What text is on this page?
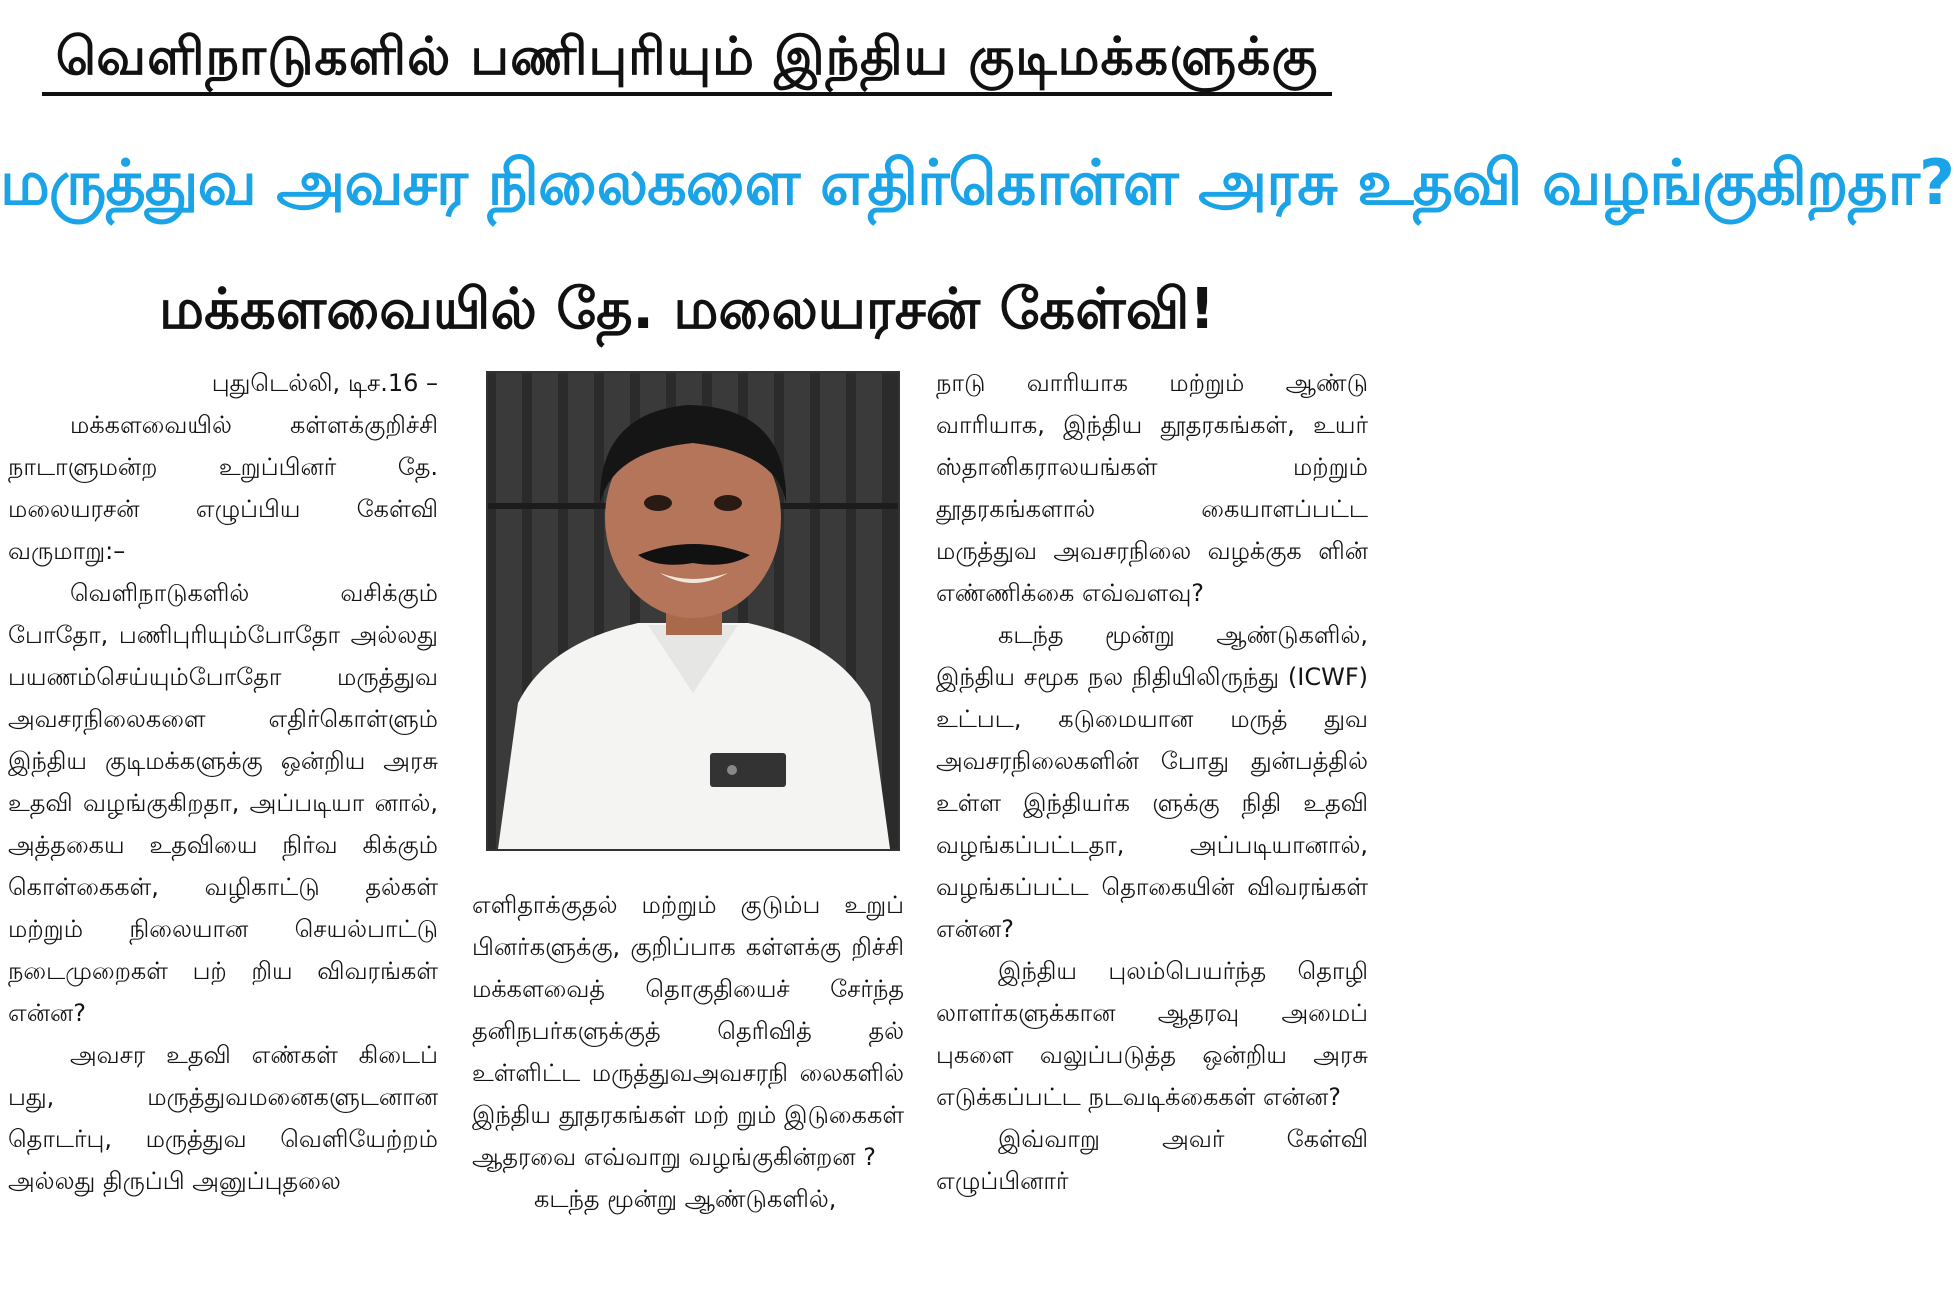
வெளிநாடுகளில் பணிபுரியும் இந்திய குடிமக்களுக்கு
மருத்துவ அவசர நிலைகளை எதிர்கொள்ள அரசு உதவி வழங்குகிறதா?
மக்களவையில் தே. மலையரசன் கேள்வி!

புதுடெல்லி, டிச.16 –

மக்களவையில் கள்ளக்குறிச்சி நாடாளுமன்ற உறுப்பினர் தே. மலையரசன் எழுப்பிய கேள்வி வருமாறு:–

வெளிநாடுகளில் வசிக்கும் போதோ, பணிபுரியும்போதோ அல்லது பயணம்செய்யும்போதோ மருத்துவ அவசரநிலைகளை எதிர்கொள்ளும் இந்திய குடிமக்களுக்கு ஒன்றிய அரசு உதவி வழங்குகிறதா, அப்படியா னால், அத்தகைய உதவியை நிர்வ கிக்கும் கொள்கைகள், வழிகாட்டு தல்கள் மற்றும் நிலையான செயல்பாட்டு நடைமுறைகள் பற் றிய விவரங்கள் என்ன?

அவசர உதவி எண்கள் கிடைப் பது, மருத்துவமனைகளுடனான தொடர்பு, மருத்துவ வெளியேற்றம் அல்லது திருப்பி அனுப்புதலை

எளிதாக்குதல் மற்றும் குடும்ப உறுப் பினர்களுக்கு, குறிப்பாக கள்ளக்கு றிச்சி மக்களவைத் தொகுதியைச் சேர்ந்த தனிநபர்களுக்குத் தெரிவித் தல் உள்ளிட்ட மருத்துவஅவசரநி லைகளில் இந்திய தூதரகங்கள் மற் றும் இடுகைகள் ஆதரவை எவ்வாறு வழங்குகின்றன ?

கடந்த மூன்று ஆண்டுகளில்,

நாடு வாரியாக மற்றும் ஆண்டு வாரியாக, இந்திய தூதரகங்கள், உயர் ஸ்தானிகராலயங்கள் மற்றும் தூதரகங்களால் கையாளப்பட்ட மருத்துவ அவசரநிலை வழக்குக ளின் எண்ணிக்கை எவ்வளவு?

கடந்த மூன்று ஆண்டுகளில், இந்திய சமூக நல நிதியிலிருந்து (ICWF) உட்பட, கடுமையான மருத் துவ அவசரநிலைகளின் போது துன்பத்தில் உள்ள இந்தியர்க ளுக்கு நிதி உதவி வழங்கப்பட்டதா, அப்படியானால், வழங்கப்பட்ட தொகையின் விவரங்கள் என்ன?

இந்திய புலம்பெயர்ந்த தொழி லாளர்களுக்கான ஆதரவு அமைப் புகளை வலுப்படுத்த ஒன்றிய அரசு எடுக்கப்பட்ட நடவடிக்கைகள் என்ன?

இவ்வாறு அவர் கேள்வி எழுப்பினார்
